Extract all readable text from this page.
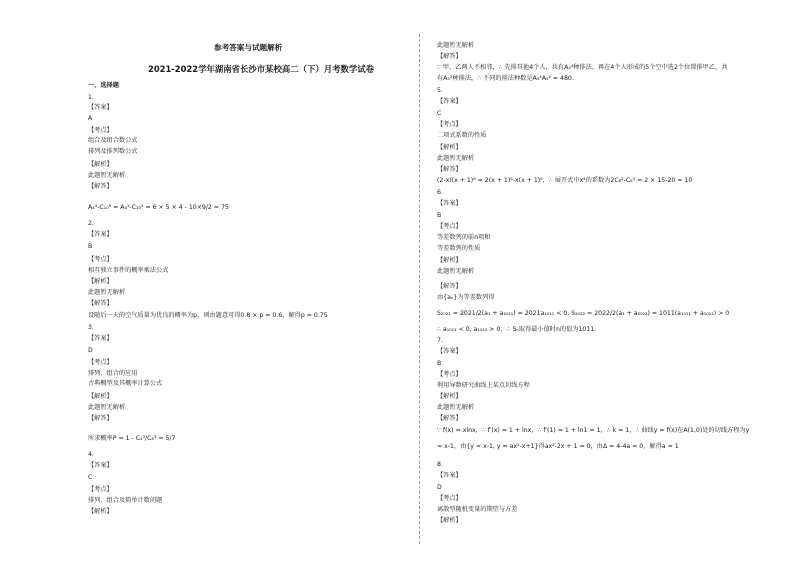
参考答案与试题解析
2021-2022学年湖南省长沙市某校高二（下）月考数学试卷
一、选择题
1.
【答案】
A
【考点】
组合及组合数公式
排列及排列数公式
【解析】
此题暂无解析
【解答】
A₄³-C₁₀⁹ = A₄³-C₁₀¹ = 6 × 5 × 4 - 10×9/2 = 75
2.
【答案】
B
【考点】
相互独立事件的概率乘法公式
【解析】
此题暂无解析
【解答】
设随后一天的空气质量为优良的概率为p，则由题意可得0.8 × p = 0.6，解得p = 0.75
3.
【答案】
D
【考点】
排列、组合的应用
古典概型及其概率计算公式
【解析】
此题暂无解析
【解答】
所求概率P = 1 - C₃³/C₆³ = 5/7
4.
【答案】
C
【考点】
排列、组合及简单计数问题
【解析】
此题暂无解析
【解答】
∵ 甲、乙两人不相邻，∴ 先排其他4个人，共有A₄⁴种排法，再在4个人形成的5个空中选2个位置排甲乙，共
有A₅²种排法，∴ 不同的排法种数是A₄⁴A₅² = 480.
5.
【答案】
C
【考点】
二项式系数的性质
【解析】
此题暂无解析
【解答】
(2-x)(x + 1)⁶ = 2(x + 1)⁶-x(x + 1)⁶，∴ 展开式中x⁴的系数为2C₆²-C₆³ = 2 × 15-20 = 10
6.
【答案】
B
【考点】
等差数列的前n项和
等差数列的性质
【解析】
此题暂无解析
【解答】
由{aₙ}为等差数列得
S₂₀₂₁ = 2021/2(a₁ + a₂₀₂₁) = 2021a₁₀₁₁ < 0, S₂₀₂₂ = 2022/2(a₁ + a₂₀₂₂) = 1011(a₁₀₁₁ + a₁₀₁₂) > 0
∴ a₁₀₁₁ < 0, a₁₀₁₂ > 0，∴ Sₙ取得最小值时n的值为1011.
7.
【答案】
B
【考点】
利用导数研究曲线上某点切线方程
【解析】
此题暂无解析
【解答】
∵ f(x) = xlnx，∴ f′(x) = 1 + lnx，∴ f′(1) = 1 + ln1 = 1，∴ k = 1，∴ 曲线y = f(x)在A(1,0)处的切线方程为y
= x-1，由{y = x-1, y = ax²-x+1}得ax²-2x + 1 = 0，由Δ = 4-4a = 0，解得a = 1
8.
【答案】
D
【考点】
离散型随机变量的期望与方差
【解析】
